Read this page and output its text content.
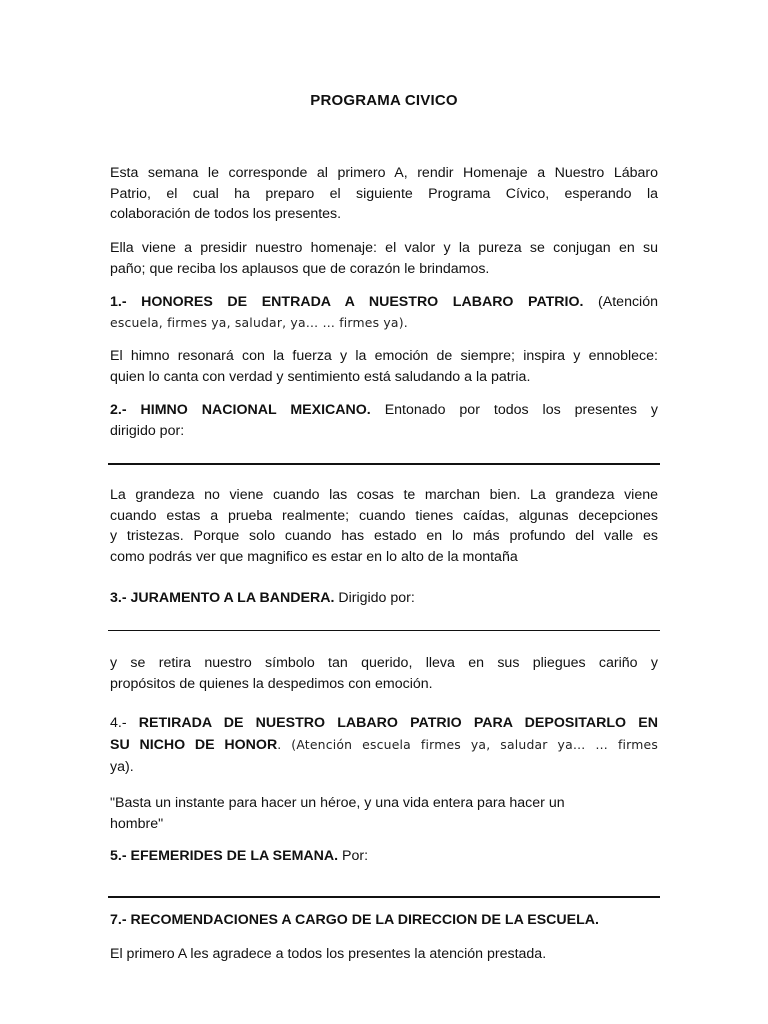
PROGRAMA CIVICO
Esta semana le corresponde al primero A, rendir Homenaje a Nuestro Lábaro
Patrio, el cual ha preparo el siguiente Programa Cívico, esperando la
colaboración de todos los presentes.
Ella viene a presidir nuestro homenaje: el valor y la pureza se conjugan en su
paño; que reciba los aplausos que de corazón le brindamos.
1.- HONORES DE ENTRADA A NUESTRO LABARO PATRIO. (Atención
escuela, firmes ya, saludar, ya… … firmes ya).
El himno resonará con la fuerza y la emoción de siempre; inspira y ennoblece:
quien lo canta con verdad y sentimiento está saludando a la patria.
2.- HIMNO NACIONAL MEXICANO. Entonado por todos los presentes y
dirigido por:
La grandeza no viene cuando las cosas te marchan bien. La grandeza viene
cuando estas a prueba realmente; cuando tienes caídas, algunas decepciones
y tristezas. Porque solo cuando has estado en lo más profundo del valle es
como podrás ver que magnifico es estar en lo alto de la montaña
3.- JURAMENTO A LA BANDERA. Dirigido por:
y se retira nuestro símbolo tan querido, lleva en sus pliegues cariño y
propósitos de quienes la despedimos con emoción.
4.- RETIRADA DE NUESTRO LABARO PATRIO PARA DEPOSITARLO EN
SU NICHO DE HONOR. (Atención escuela firmes ya, saludar ya… … firmes
ya).
"Basta un instante para hacer un héroe, y una vida entera para hacer un
hombre"
5.- EFEMERIDES DE LA SEMANA. Por:
7.- RECOMENDACIONES A CARGO DE LA DIRECCION DE LA ESCUELA.
El primero A les agradece a todos los presentes la atención prestada.
